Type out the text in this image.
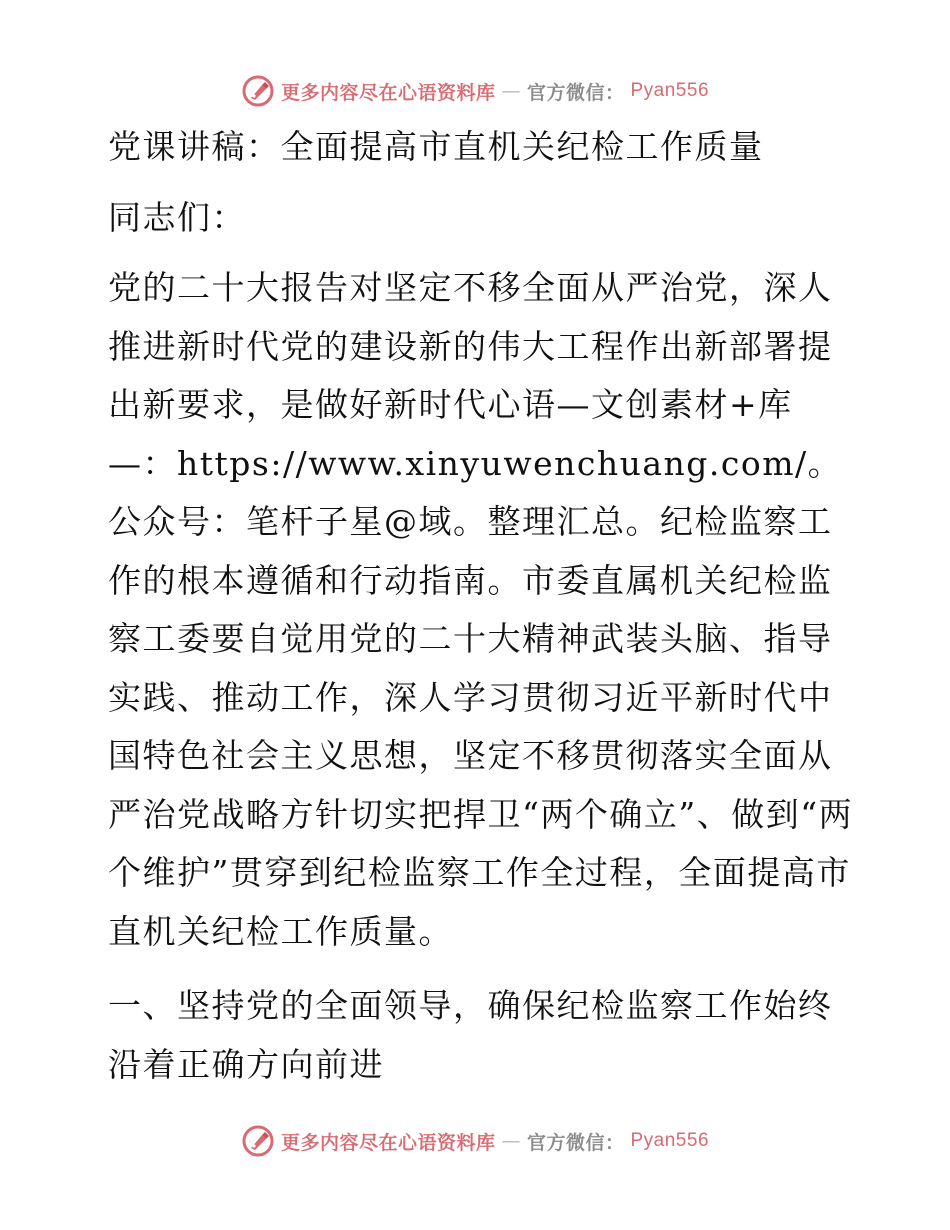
更多内容尽在心语资料库 — 官方微信： Pyan556

党课讲稿：全面提高市直机关纪检工作质量

同志们：

党的二十大报告对坚定不移全面从严治党，深人推进新时代党的建设新的伟大工程作出新部署提出新要求，是做好新时代心语—文创素材+库—：https://www.xinyuwenchuang.com/。公众号：笔杆子星@域。整理汇总。纪检监察工作的根本遵循和行动指南。市委直属机关纪检监察工委要自觉用党的二十大精神武装头脑、指导实践、推动工作，深人学习贯彻习近平新时代中国特色社会主义思想，坚定不移贯彻落实全面从严治党战略方针切实把捍卫“两个确立”、做到“两个维护”贯穿到纪检监察工作全过程，全面提高市直机关纪检工作质量。

一、坚持党的全面领导，确保纪检监察工作始终沿着正确方向前进

更多内容尽在心语资料库 — 官方微信： Pyan556
